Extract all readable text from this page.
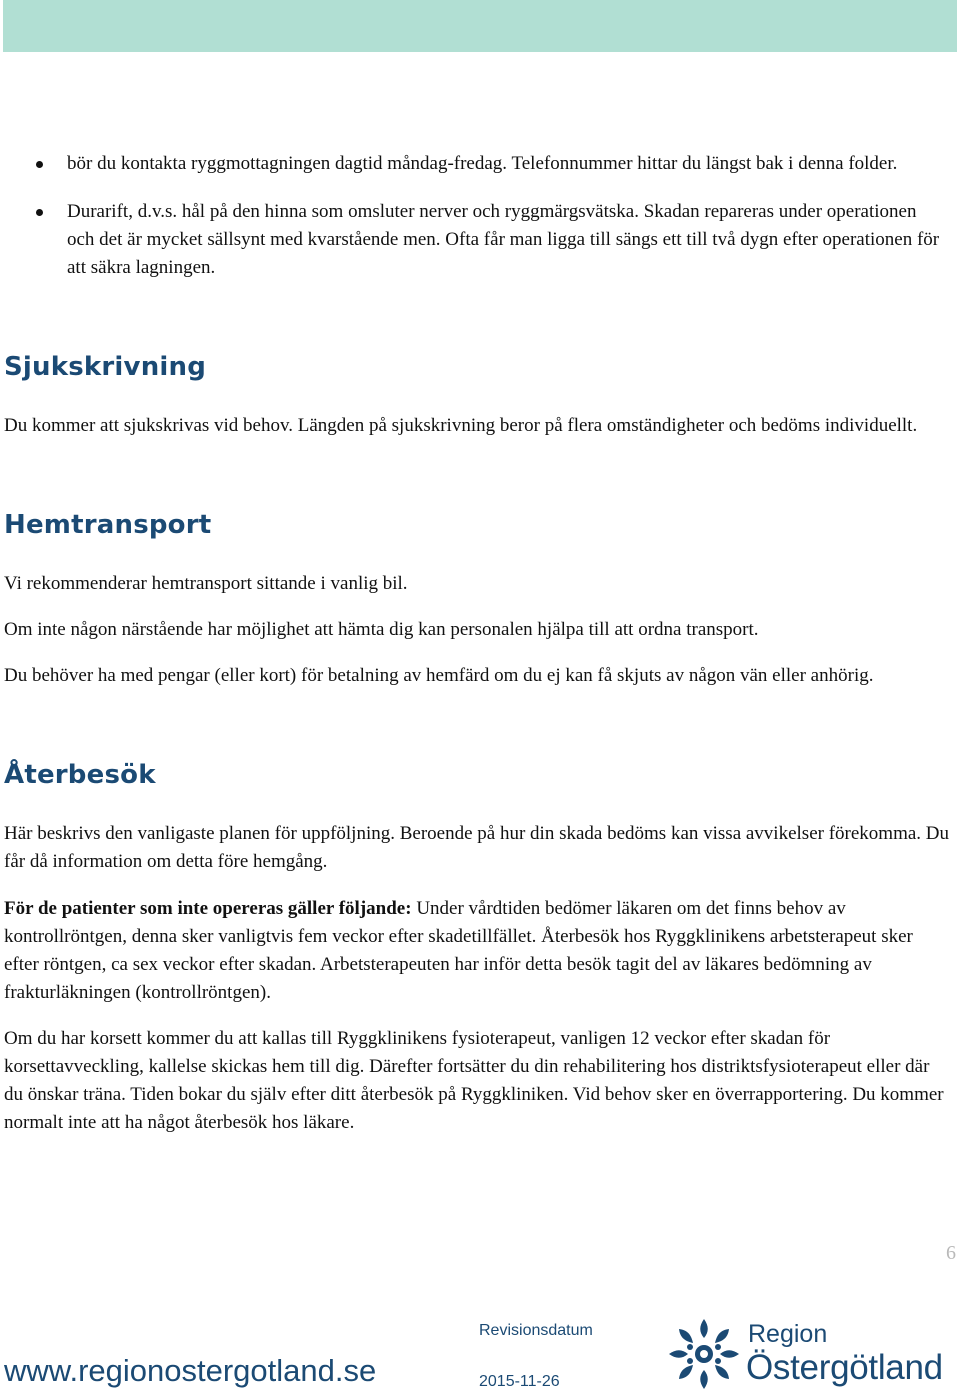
bör du kontakta ryggmottagningen dagtid måndag-fredag. Telefonnummer hittar du längst bak i denna folder.
Durarift, d.v.s. hål på den hinna som omsluter nerver och ryggmärgsvätska. Skadan repareras under operationen och det är mycket sällsynt med kvarstående men. Ofta får man ligga till sängs ett till två dygn efter operationen för att säkra lagningen.
Sjukskrivning

Du kommer att sjukskrivas vid behov. Längden på sjukskrivning beror på flera omständigheter och bedöms individuellt.

Hemtransport

Vi rekommenderar hemtransport sittande i vanlig bil.

Om inte någon närstående har möjlighet att hämta dig kan personalen hjälpa till att ordna transport.

Du behöver ha med pengar (eller kort) för betalning av hemfärd om du ej kan få skjuts av någon vän eller anhörig.

Återbesök

Här beskrivs den vanligaste planen för uppföljning. Beroende på hur din skada bedöms kan vissa avvikelser förekomma. Du får då information om detta före hemgång.

För de patienter som inte opereras gäller följande: Under vårdtiden bedömer läkaren om det finns behov av kontrollröntgen, denna sker vanligtvis fem veckor efter skadetillfället. Återbesök hos Ryggklinikens arbetsterapeut sker efter röntgen, ca sex veckor efter skadan. Arbetsterapeuten har inför detta besök tagit del av läkares bedömning av frakturläkningen (kontrollröntgen).

Om du har korsett kommer du att kallas till Ryggklinikens fysioterapeut, vanligen 12 veckor efter skadan för korsettavveckling, kallelse skickas hem till dig. Därefter fortsätter du din rehabilitering hos distriktsfysioterapeut eller där du önskar träna. Tiden bokar du själv efter ditt återbesök på Ryggkliniken. Vid behov sker en överrapportering. Du kommer normalt inte att ha något återbesök hos läkare.

6
Revisionsdatum
2015-11-26
www.regionostergotland.se
Region
Östergötland
